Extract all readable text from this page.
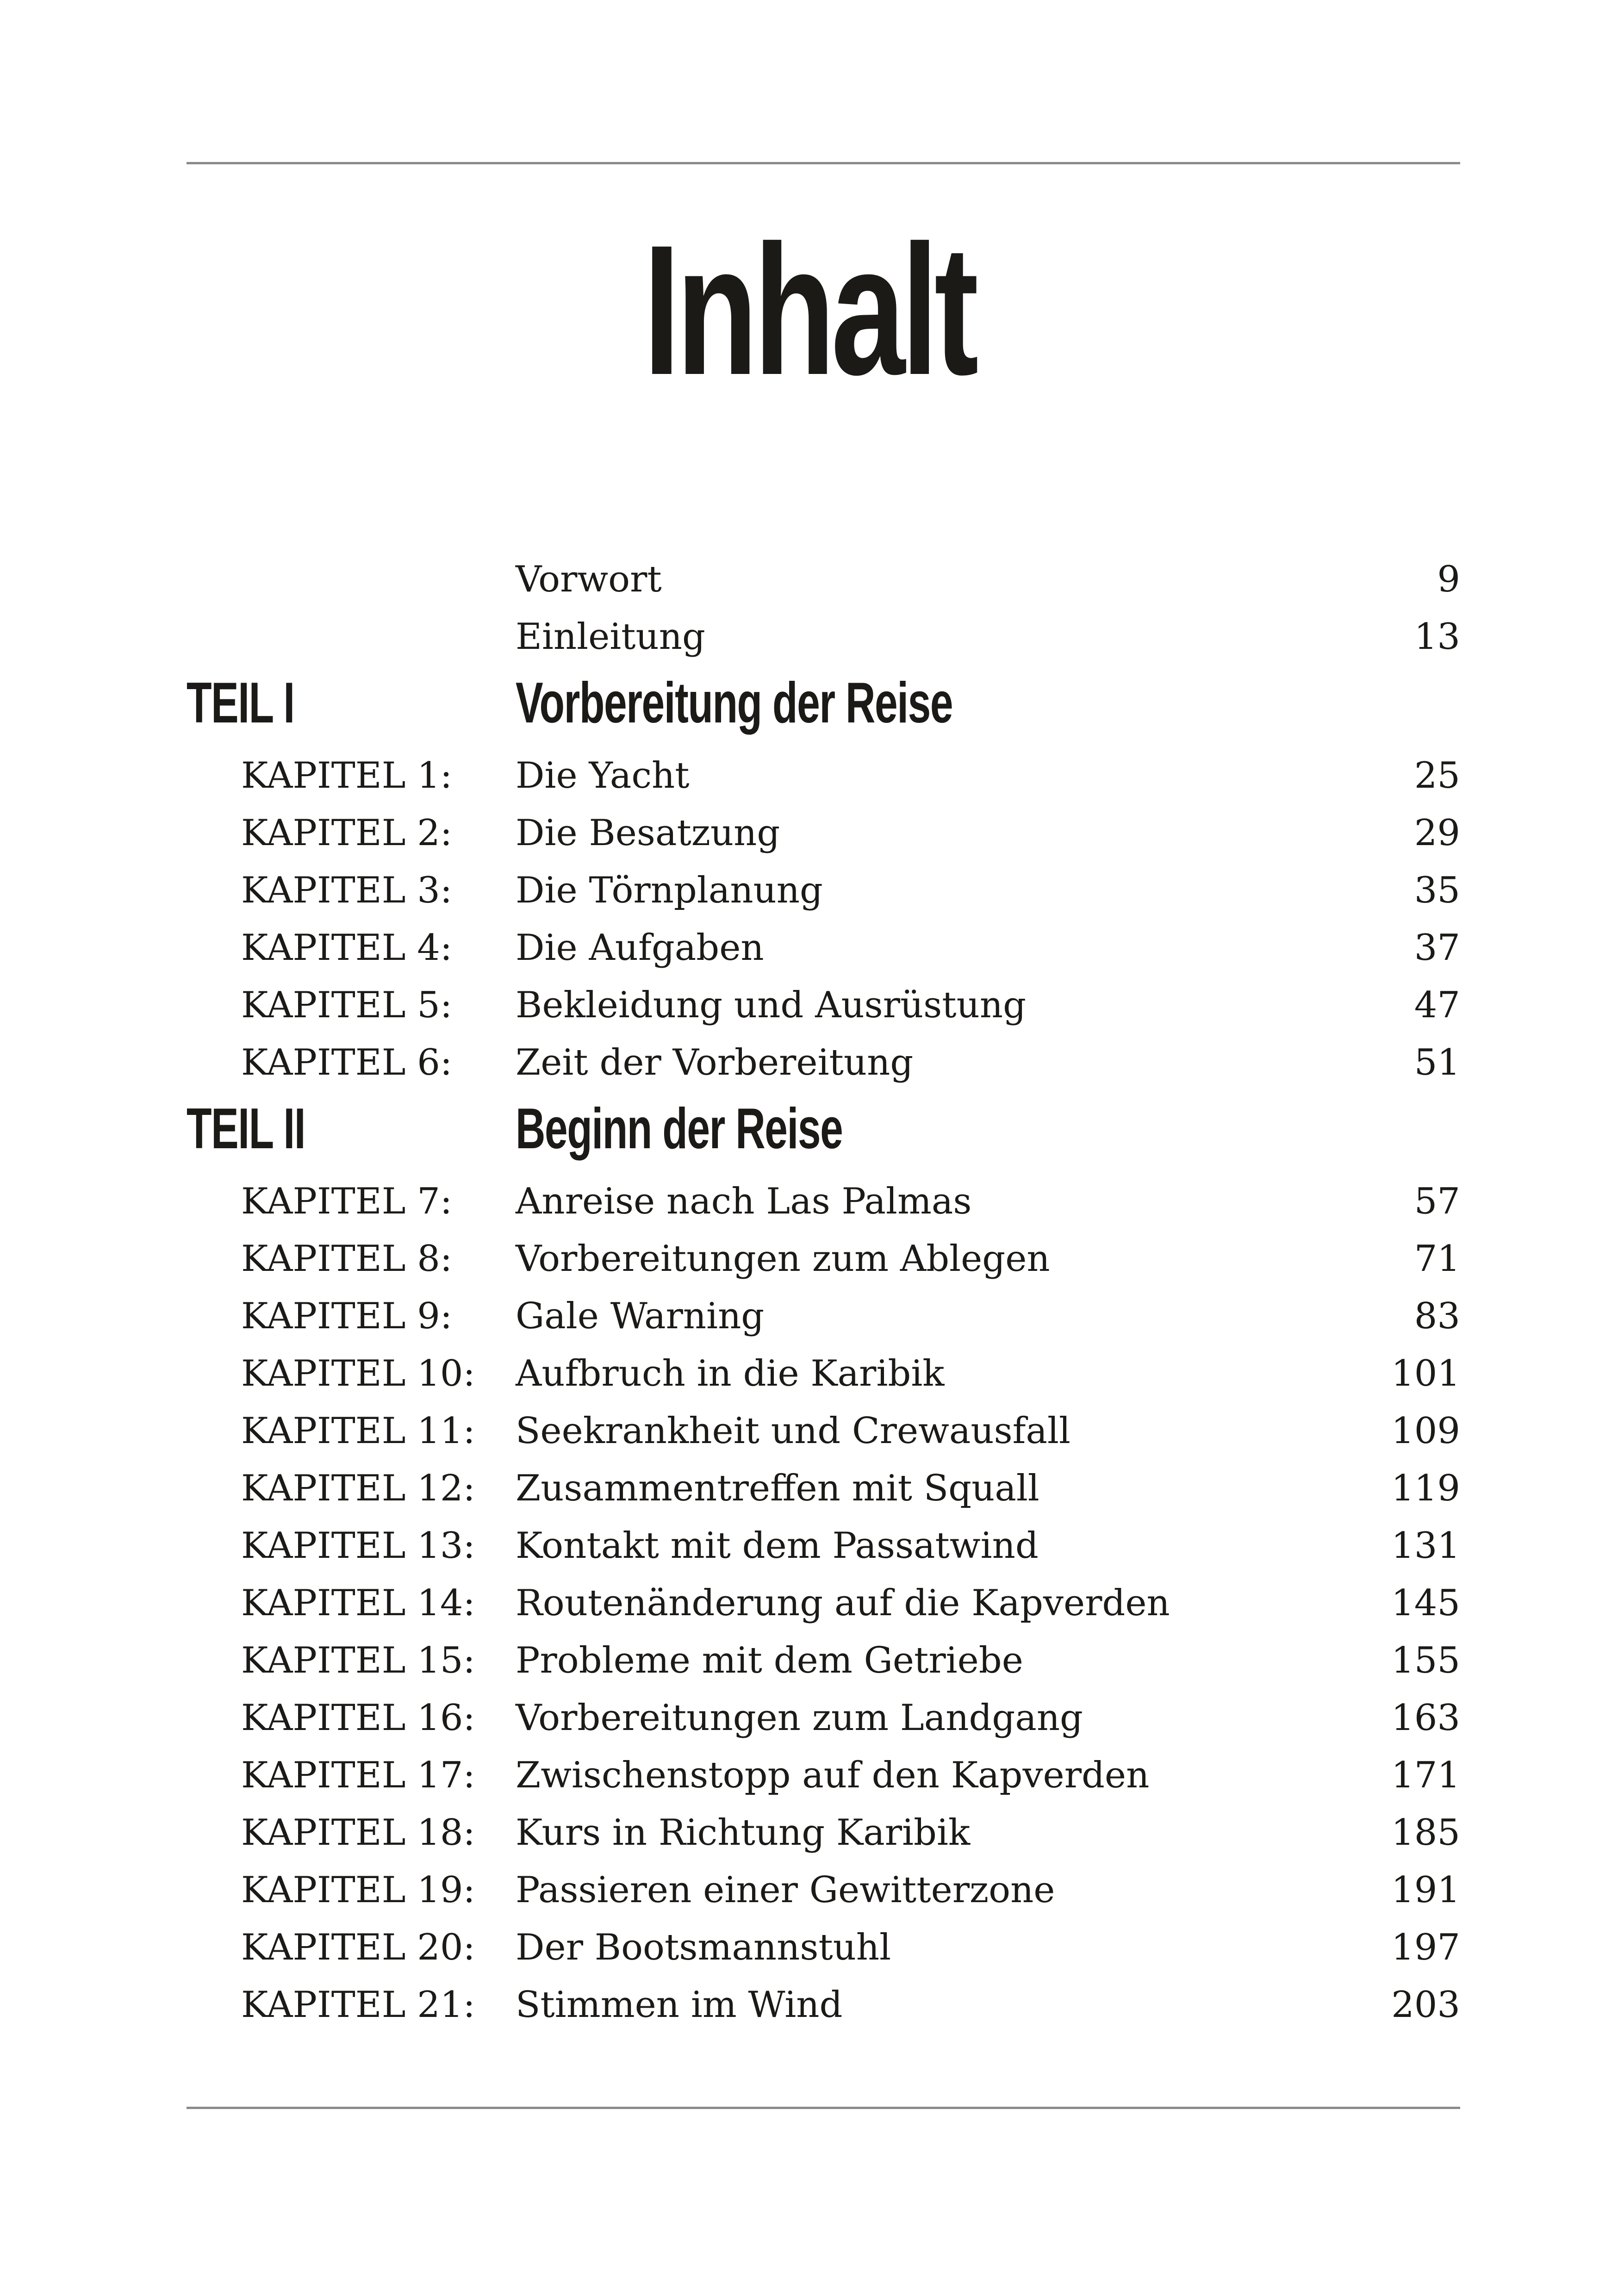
Inhalt
Vorwort	9
Einleitung	13
TEIL I	Vorbereitung der Reise
KAPITEL 1: Die Yacht	25
KAPITEL 2: Die Besatzung	29
KAPITEL 3: Die Törnplanung	35
KAPITEL 4: Die Aufgaben	37
KAPITEL 5: Bekleidung und Ausrüstung	47
KAPITEL 6: Zeit der Vorbereitung	51
TEIL II	Beginn der Reise
KAPITEL 7: Anreise nach Las Palmas	57
KAPITEL 8: Vorbereitungen zum Ablegen	71
KAPITEL 9: Gale Warning	83
KAPITEL 10: Aufbruch in die Karibik	101
KAPITEL 11: Seekrankheit und Crewausfall	109
KAPITEL 12: Zusammentreffen mit Squall	119
KAPITEL 13: Kontakt mit dem Passatwind	131
KAPITEL 14: Routenänderung auf die Kapverden	145
KAPITEL 15: Probleme mit dem Getriebe	155
KAPITEL 16: Vorbereitungen zum Landgang	163
KAPITEL 17: Zwischenstopp auf den Kapverden	171
KAPITEL 18: Kurs in Richtung Karibik	185
KAPITEL 19: Passieren einer Gewitterzone	191
KAPITEL 20: Der Bootsmannstuhl	197
KAPITEL 21: Stimmen im Wind	203
